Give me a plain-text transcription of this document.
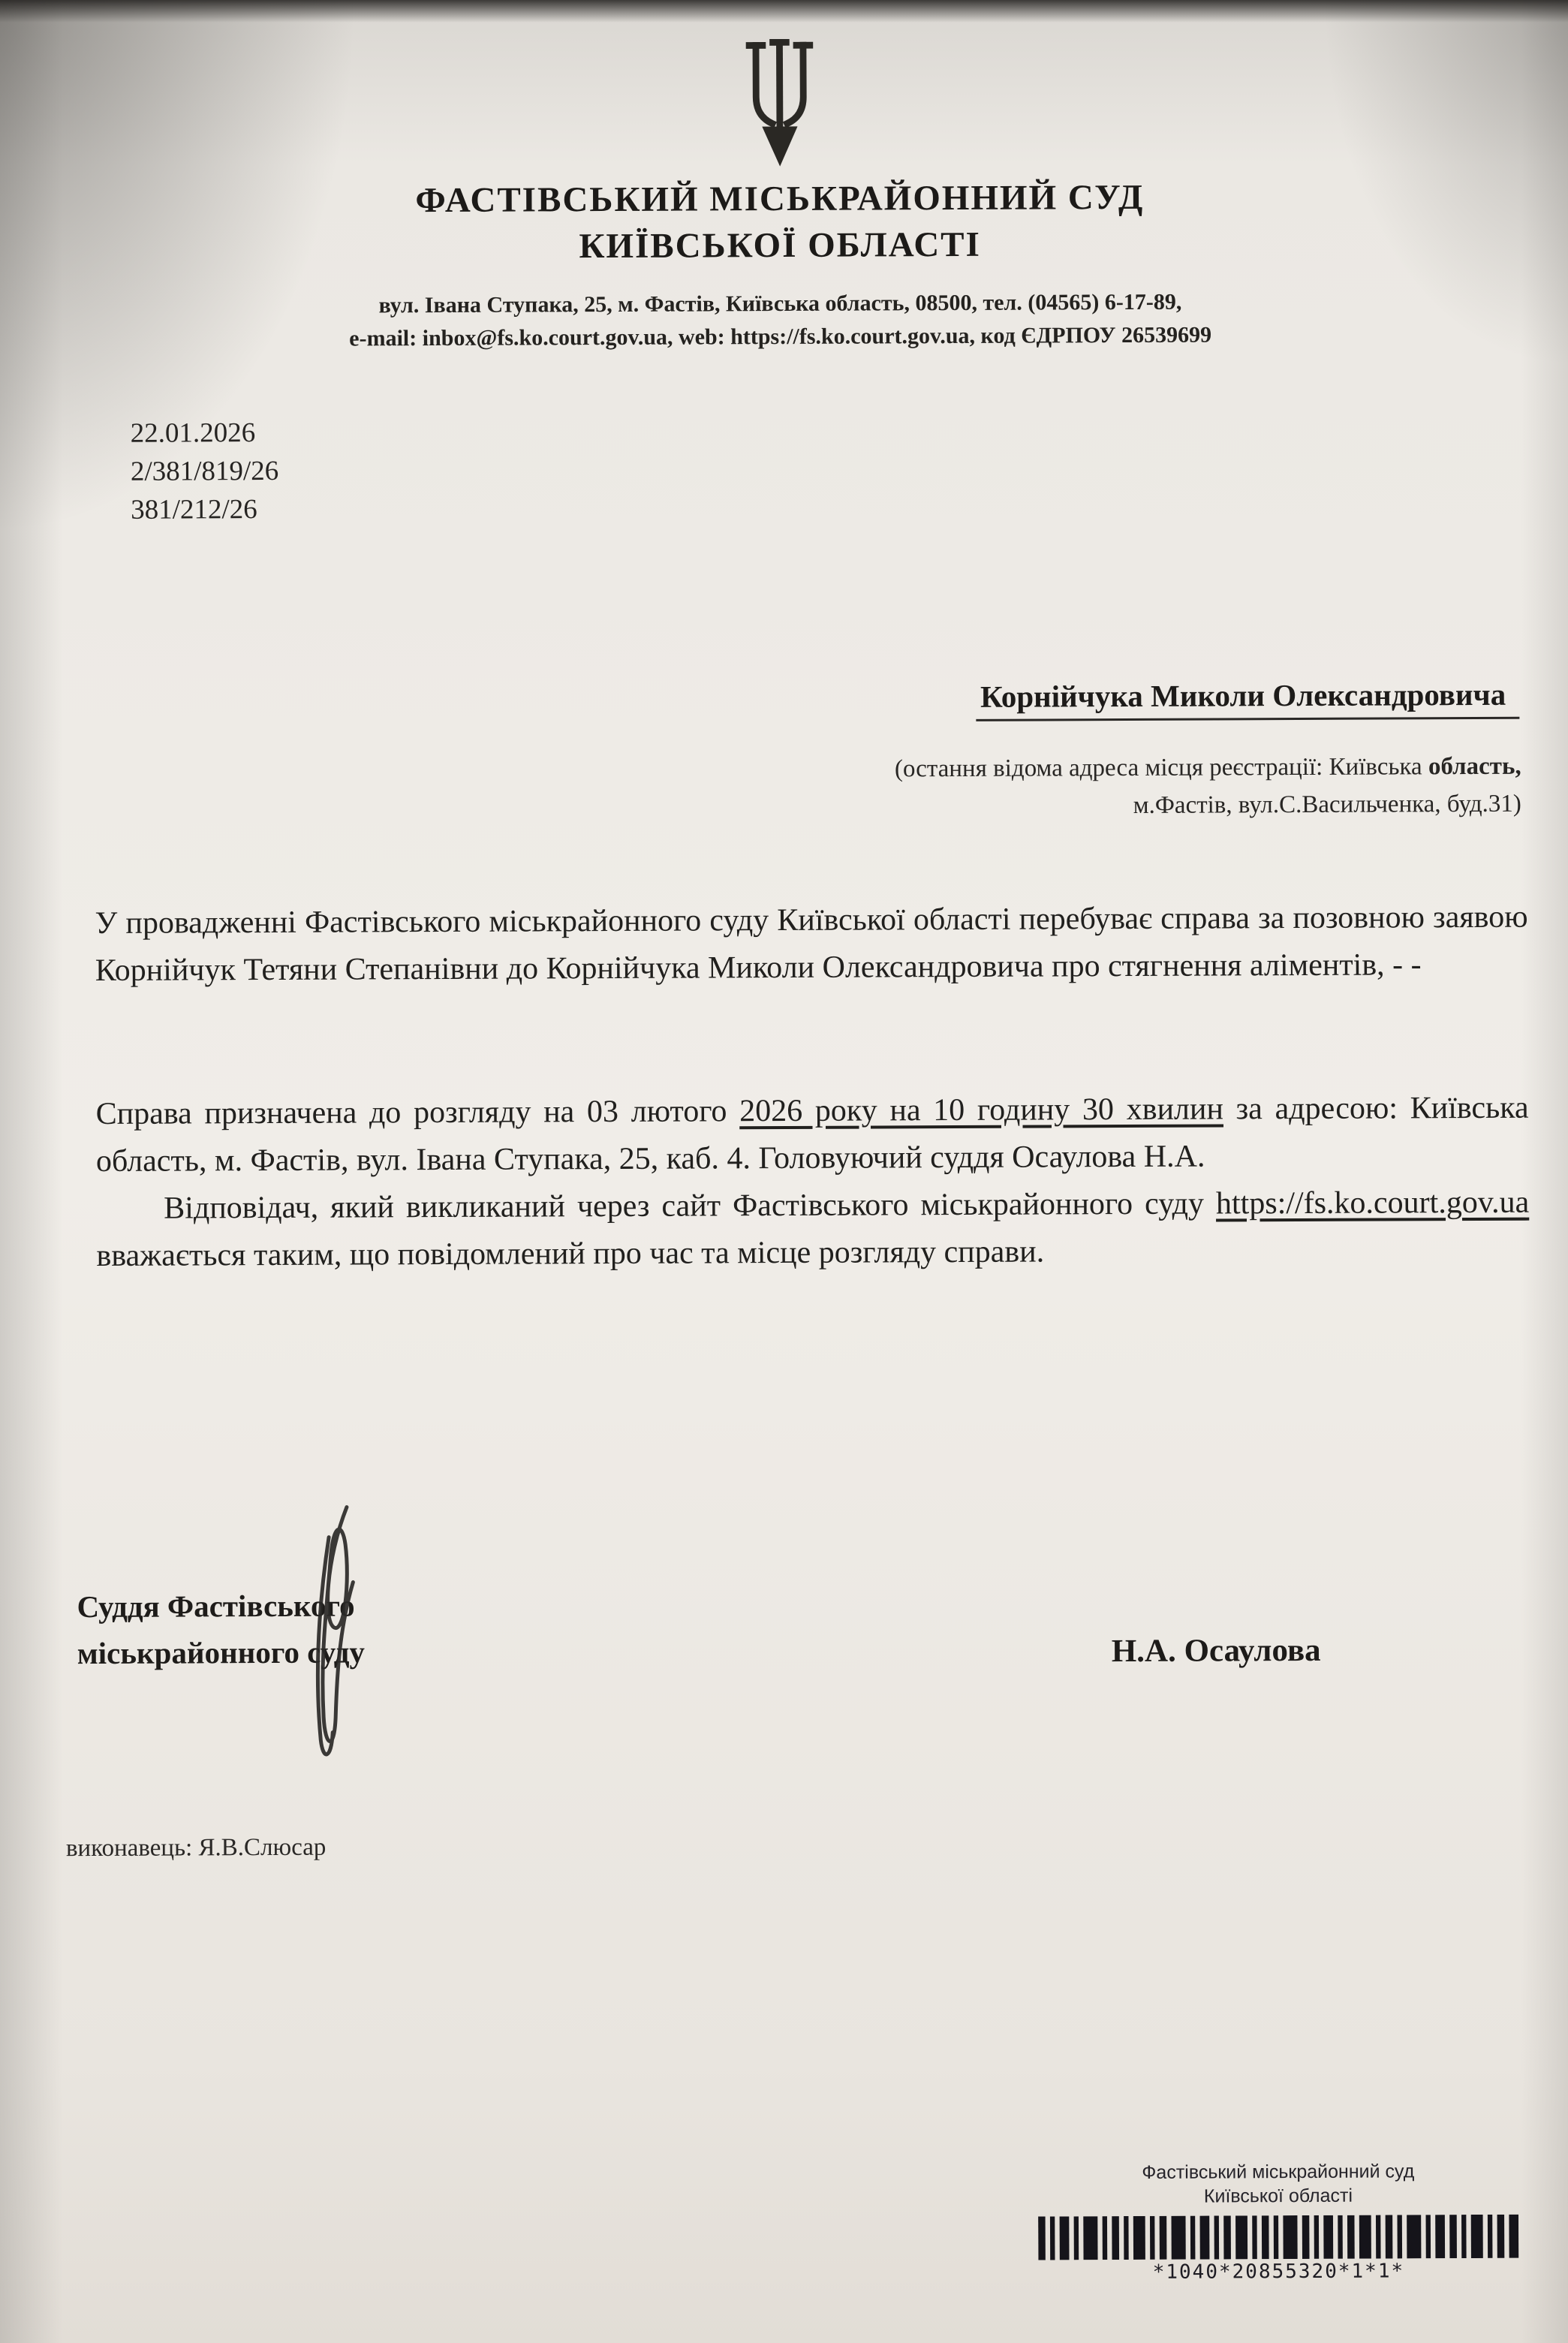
ФАСТІВСЬКИЙ МІСЬКРАЙОННИЙ СУД
КИЇВСЬКОЇ ОБЛАСТІ
вул. Івана Ступака, 25, м. Фастів, Київська область, 08500, тел. (04565) 6-17-89,
e-mail: inbox@fs.ko.court.gov.ua, web: https://fs.ko.court.gov.ua, код ЄДРПОУ 26539699
22.01.2026
2/381/819/26
381/212/26
Корнійчука Миколи Олександровича
(остання відома адреса місця реєстрації: Київська область,
м.Фастів, вул.С.Васильченка, буд.31)

У провадженні Фастівського міськрайонного суду Київської області перебуває справа за позовною заявою Корнійчук Тетяни Степанівни до Корнійчука Миколи Олександровича про стягнення аліментів, - -

Справа призначена до розгляду на 03 лютого 2026 року на 10 годину 30 хвилин за адресою: Київська область, м. Фастів, вул. Івана Ступака, 25, каб. 4. Головуючий суддя Осаулова Н.А.

Відповідач, який викликаний через сайт Фастівського міськрайонного суду https://fs.ko.court.gov.ua вважається таким, що повідомлений про час та місце розгляду справи.

Суддя Фастівського
міськрайонного суду	Н.А. Осаулова
виконавець: Я.В.Слюсар
Фастівський міськрайонний суд
Київської області
*1040*20855320*1*1*
